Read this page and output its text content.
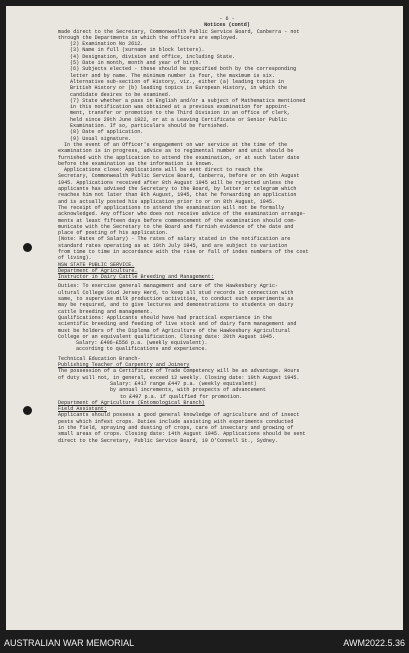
- 6 -
Notices (contd)
made direct to the Secretary, Commonwealth Public Service Board, Canberra - not
through the Departments in which the officers are employed.
(2) Examination No 2612.
(3) Name in full (surname in block letters).
(4) Designation, division and office, including State.
(5) Date in month, month and year of birth.
(6) Subjects elected - these should be specified both by the corresponding
letter and by name. The minimum number is four, the maximum is six.
Alternative sub-section of History, viz., either (a) leading topics in
British History or (b) leading topics in European History, in which the
candidate desires to be examined.
(7) State whether a pass in English and/or a subject of Mathematics mentioned
in this notification was obtained at a previous examination for appoint-
ment, transfer or promotion to the Third Division in an office of clerk,
held since 29th June 1922, or at a Leaving Certificate or Senior Public
Examination. If so, particulars should be furnished.
(8) Date of application.
(9) Usual signature.
In the event of an Officer's engagement on war service at the time of the
examination is in progress, advice as to regimental number and unit should be
furnished with the application to attend the examination, or at such later date
before the examination as the information is known.
Applications close: Applications will be sent direct to reach the
Secretary, Commonwealth Public Service Board, Canberra, before or on 8th August
1945. Applications received after 8th August 1945 will be rejected unless the
applicants has advised the Secretary to the Board, by letter or telegram which
reaches him not later than 8th August, 1945, that he forwarding an application
and is actually posted his application prior to or on 8th August, 1945.
The receipt of applications to attend the examination will not be formally
acknowledged. Any officer who does not receive advice of the examination arrange-
ments at least fifteen days before commencement of the examination should com-
municate with the Secretary to the Board and furnish evidence of the date and
place of posting of his application.
(Note: Rates of Salary) - The rates of salary stated in the notification are
standard rates operating as at 10th July 1945, and are subject to variation
from time to time in accordance with the rise or fall of index numbers of the cost
of living).
NSW STATE PUBLIC SERVICE.
Department of Agriculture.
Instructor in Dairy Cattle Breeding and Management:
Duties: To exercise general management and care of the Hawkesbury Agric-
ultural College Stud Jersey Herd, to keep all stud records in connection with
same, to supervise milk production activities, to conduct such experiments as
may be required, and to give lectures and demonstrations to students on dairy
cattle breeding and management.
Qualifications: Applicants should have had practical experience in the
scientific breeding and feeding of live stock and of dairy farm management and
must be holders of the Diploma of Agriculture of the Hawkesbury Agricultural
College or an equivalent qualification. Closing date: 20th August 1945.
Salary: £406-£556 p.a. (weekly equivalent).
according to qualifications and experience.
Technical Education Branch-
Publishing Teacher of Carpentry and Joinery
The possession of a Certificate of Trade Competency will be an advantage. Hours
of duty will not, in general, exceed 12 weekly. Closing date: 10th August 1945.
Salary: £417 range £447 p.a. (weekly equivalent)
by annual increments, with prospects of advancement
to £497 p.a. if qualified for promotion.
Department of Agriculture (Entomological Branch)
Field Assistant:
Applicants should possess a good general knowledge of agriculture and of insect
pests which infest crops. Duties include assisting with experiments conducted
in the field, spraying and dusting of crops, care of insectary and growing of
small areas of crops. Closing date: 14th August 1945. Applications should be sent
direct to the Secretary, Public Service Board, 19 O'Connell St., Sydney.
AUSTRALIAN WAR MEMORIAL	AWM2022.5.36
